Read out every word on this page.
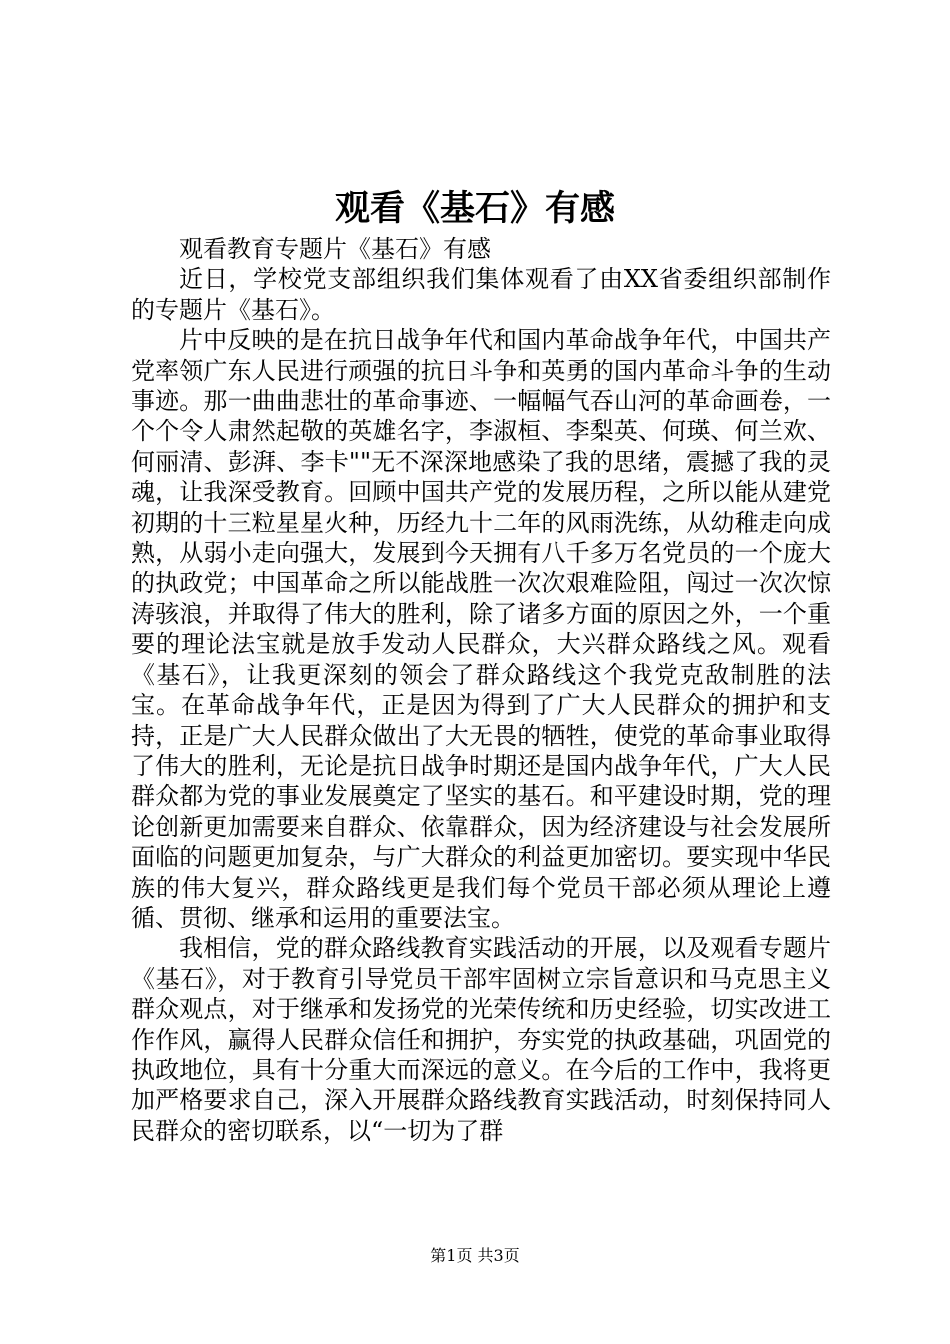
观看《基石》有感

观看教育专题片《基石》有感

近日，学校党支部组织我们集体观看了由XX省委组织部制作的专题片《基石》。

片中反映的是在抗日战争年代和国内革命战争年代，中国共产党率领广东人民进行顽强的抗日斗争和英勇的国内革命斗争的生动事迹。那一曲曲悲壮的革命事迹、一幅幅气吞山河的革命画卷，一个个令人肃然起敬的英雄名字，李淑桓、李梨英、何瑛、何兰欢、何丽清、彭湃、李卡""无不深深地感染了我的思绪，震撼了我的灵魂，让我深受教育。回顾中国共产党的发展历程，之所以能从建党初期的十三粒星星火种，历经九十二年的风雨洗练，从幼稚走向成熟，从弱小走向强大，发展到今天拥有八千多万名党员的一个庞大的执政党；中国革命之所以能战胜一次次艰难险阻，闯过一次次惊涛骇浪，并取得了伟大的胜利，除了诸多方面的原因之外，一个重要的理论法宝就是放手发动人民群众，大兴群众路线之风。观看《基石》，让我更深刻的领会了群众路线这个我党克敌制胜的法宝。在革命战争年代，正是因为得到了广大人民群众的拥护和支持，正是广大人民群众做出了大无畏的牺牲，使党的革命事业取得了伟大的胜利，无论是抗日战争时期还是国内战争年代，广大人民群众都为党的事业发展奠定了坚实的基石。和平建设时期，党的理论创新更加需要来自群众、依靠群众，因为经济建设与社会发展所面临的问题更加复杂，与广大群众的利益更加密切。要实现中华民族的伟大复兴，群众路线更是我们每个党员干部必须从理论上遵循、贯彻、继承和运用的重要法宝。

我相信，党的群众路线教育实践活动的开展，以及观看专题片《基石》，对于教育引导党员干部牢固树立宗旨意识和马克思主义群众观点，对于继承和发扬党的光荣传统和历史经验，切实改进工作作风，赢得人民群众信任和拥护，夯实党的执政基础，巩固党的执政地位，具有十分重大而深远的意义。在今后的工作中，我将更加严格要求自己，深入开展群众路线教育实践活动，时刻保持同人民群众的密切联系，以“一切为了群

第1页 共3页
